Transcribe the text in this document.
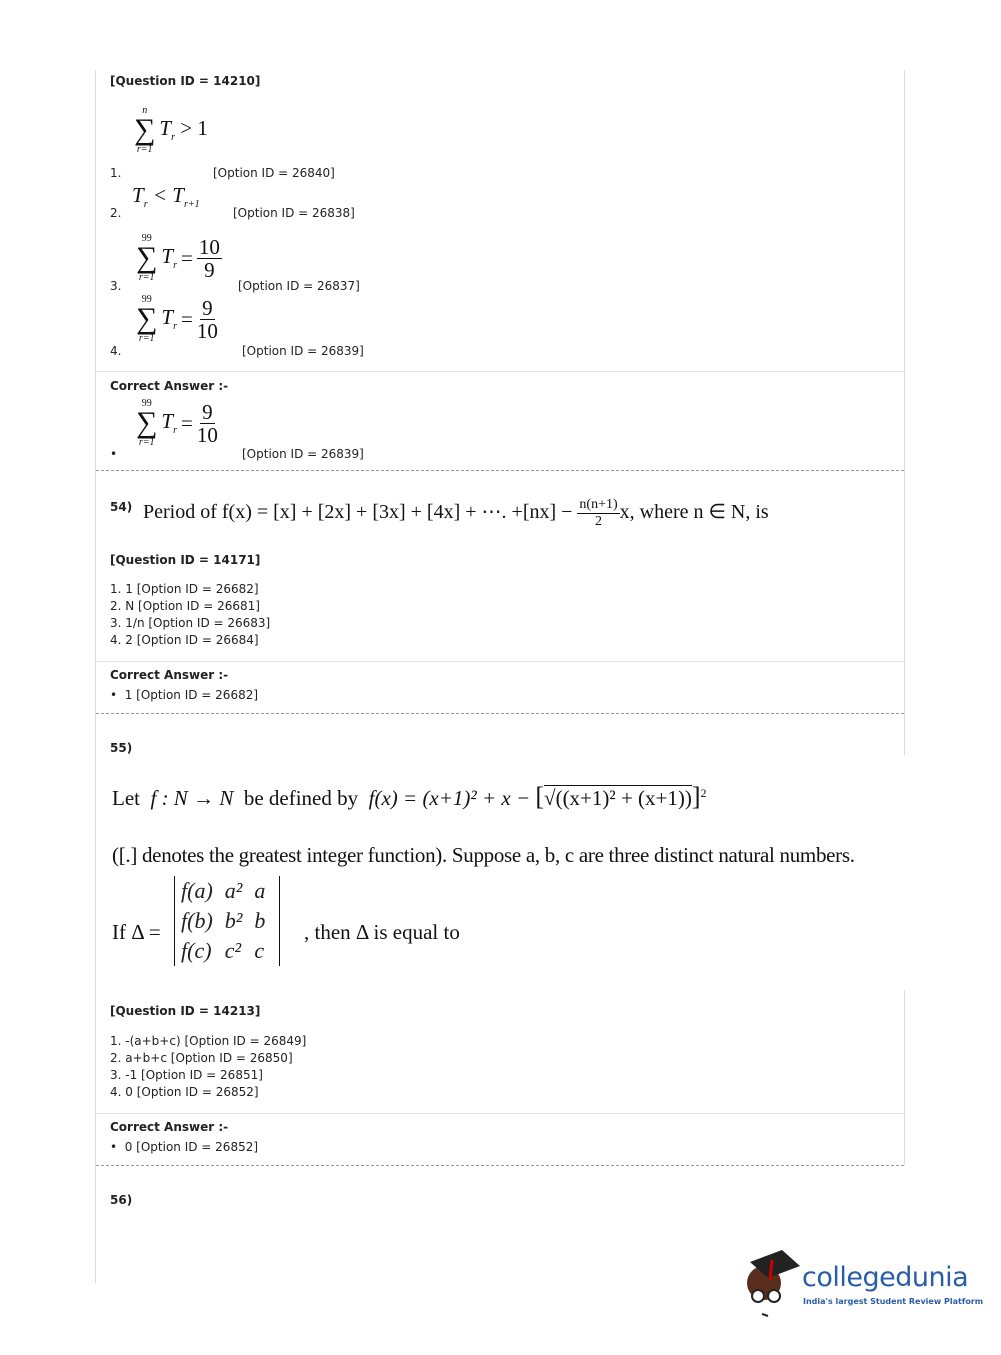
[Question ID = 14210]
1.
n
∑
r=1
$T_r > 1$
[Option ID = 26840]
2.
$T_r < T_{r+1}$
[Option ID = 26838]
3.
99
∑
r=1
$T_r = \frac{10}{9}$
[Option ID = 26837]
4.
99
∑
r=1
$T_r = \frac{9}{10}$
[Option ID = 26839]
Correct Answer :-
•
99
∑
r=1
$T_r = \frac{9}{10}$
[Option ID = 26839]
54) Period of f(x) = [x] + [2x] + [3x] + [4x] + ⋯. $+[nx] - \frac{n(n+1)}{2} x$, where n ∈ N, is
[Question ID = 14171]
1. 1 [Option ID = 26682]
2. N [Option ID = 26681]
3. 1/n [Option ID = 26683]
4. 2 [Option ID = 26684]
Correct Answer :-
•  1 [Option ID = 26682]
55)
Let f : N → N be defined by $f(x) = (x+1)^2 + x - [√((x+1)^2 + (x+1))]^2$
([.] denotes the greatest integer function). Suppose a, b, c are three distinct natural numbers.
If Δ =
f(a)	a²	a
f(b)	b²	b
f(c)	c²	c
, then Δ is equal to
[Question ID = 14213]
1. -(a+b+c) [Option ID = 26849]
2. a+b+c [Option ID = 26850]
3. -1 [Option ID = 26851]
4. 0 [Option ID = 26852]
Correct Answer :-
•  0 [Option ID = 26852]
56)
collegedunia
India's largest Student Review Platform
